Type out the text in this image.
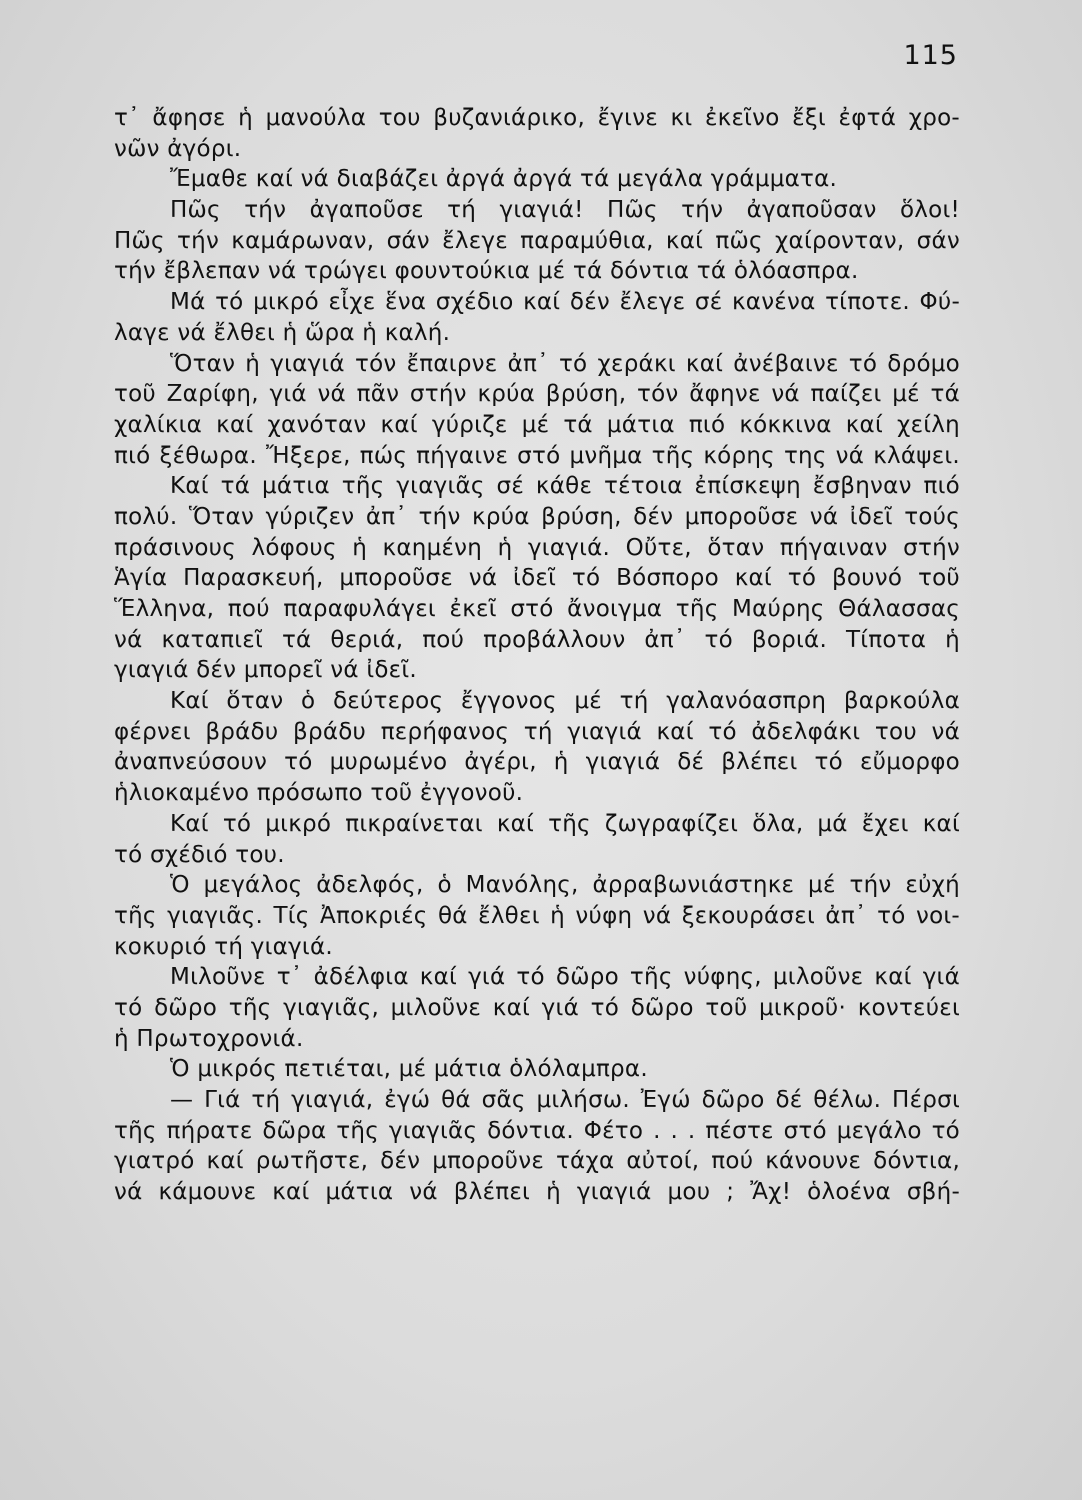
115
τ᾿ ἄφησε ἡ μανούλα του βυζανιάρικο, ἔγινε κι ἐκεῖνο ἔξι ἐφτά χρο-
νῶν ἀγόρι.
Ἔμαθε καί νά διαβάζει ἀργά ἀργά τά μεγάλα γράμματα.
Πῶς τήν ἀγαποῦσε τή γιαγιά! Πῶς τήν ἀγαποῦσαν ὅλοι!
Πῶς τήν καμάρωναν, σάν ἔλεγε παραμύθια, καί πῶς χαίρονταν, σάν
τήν ἔβλεπαν νά τρώγει φουντούκια μέ τά δόντια τά ὁλόασπρα.
Μά τό μικρό εἶχε ἕνα σχέδιο καί δέν ἔλεγε σέ κανένα τίποτε. Φύ-
λαγε νά ἔλθει ἡ ὥρα ἡ καλή.
Ὅταν ἡ γιαγιά τόν ἔπαιρνε ἀπ᾿ τό χεράκι καί ἀνέβαινε τό δρόμο
τοῦ Ζαρίφη, γιά νά πᾶν στήν κρύα βρύση, τόν ἄφηνε νά παίζει μέ τά
χαλίκια καί χανόταν καί γύριζε μέ τά μάτια πιό κόκκινα καί χείλη
πιό ξέθωρα. Ἤξερε, πώς πήγαινε στό μνῆμα τῆς κόρης της νά κλάψει.
Καί τά μάτια τῆς γιαγιᾶς σέ κάθε τέτοια ἐπίσκεψη ἔσβηναν πιό
πολύ. Ὅταν γύριζεν ἀπ᾿ τήν κρύα βρύση, δέν μποροῦσε νά ἰδεῖ τούς
πράσινους λόφους ἡ καημένη ἡ γιαγιά. Οὔτε, ὅταν πήγαιναν στήν
Ἁγία Παρασκευή, μποροῦσε νά ἰδεῖ τό Βόσπορο καί τό βουνό τοῦ
Ἕλληνα, πού παραφυλάγει ἐκεῖ στό ἄνοιγμα τῆς Μαύρης Θάλασσας
νά καταπιεῖ τά θεριά, πού προβάλλουν ἀπ᾿ τό βοριά. Τίποτα ἡ
γιαγιά δέν μπορεῖ νά ἰδεῖ.
Καί ὅταν ὁ δεύτερος ἔγγονος μέ τή γαλανόασπρη βαρκούλα
φέρνει βράδυ βράδυ περήφανος τή γιαγιά καί τό ἀδελφάκι του νά
ἀναπνεύσουν τό μυρωμένο ἀγέρι, ἡ γιαγιά δέ βλέπει τό εὔμορφο
ἡλιοκαμένο πρόσωπο τοῦ ἐγγονοῦ.
Καί τό μικρό πικραίνεται καί τῆς ζωγραφίζει ὅλα, μά ἔχει καί
τό σχέδιό του.
Ὁ μεγάλος ἀδελφός, ὁ Μανόλης, ἀρραβωνιάστηκε μέ τήν εὐχή
τῆς γιαγιᾶς. Τίς Ἀποκριές θά ἔλθει ἡ νύφη νά ξεκουράσει ἀπ᾿ τό νοι-
κοκυριό τή γιαγιά.
Μιλοῦνε τ᾿ ἀδέλφια καί γιά τό δῶρο τῆς νύφης, μιλοῦνε καί γιά
τό δῶρο τῆς γιαγιᾶς, μιλοῦνε καί γιά τό δῶρο τοῦ μικροῦ· κοντεύει
ἡ Πρωτοχρονιά.
Ὁ μικρός πετιέται, μέ μάτια ὁλόλαμπρα.
— Γιά τή γιαγιά, ἐγώ θά σᾶς μιλήσω. Ἐγώ δῶρο δέ θέλω. Πέρσι
τῆς πήρατε δῶρα τῆς γιαγιᾶς δόντια. Φέτο . . . πέστε στό μεγάλο τό
γιατρό καί ρωτῆστε, δέν μποροῦνε τάχα αὐτοί, πού κάνουνε δόντια,
νά κάμουνε καί μάτια νά βλέπει ἡ γιαγιά μου ; Ἄχ! ὁλοένα σβή-
